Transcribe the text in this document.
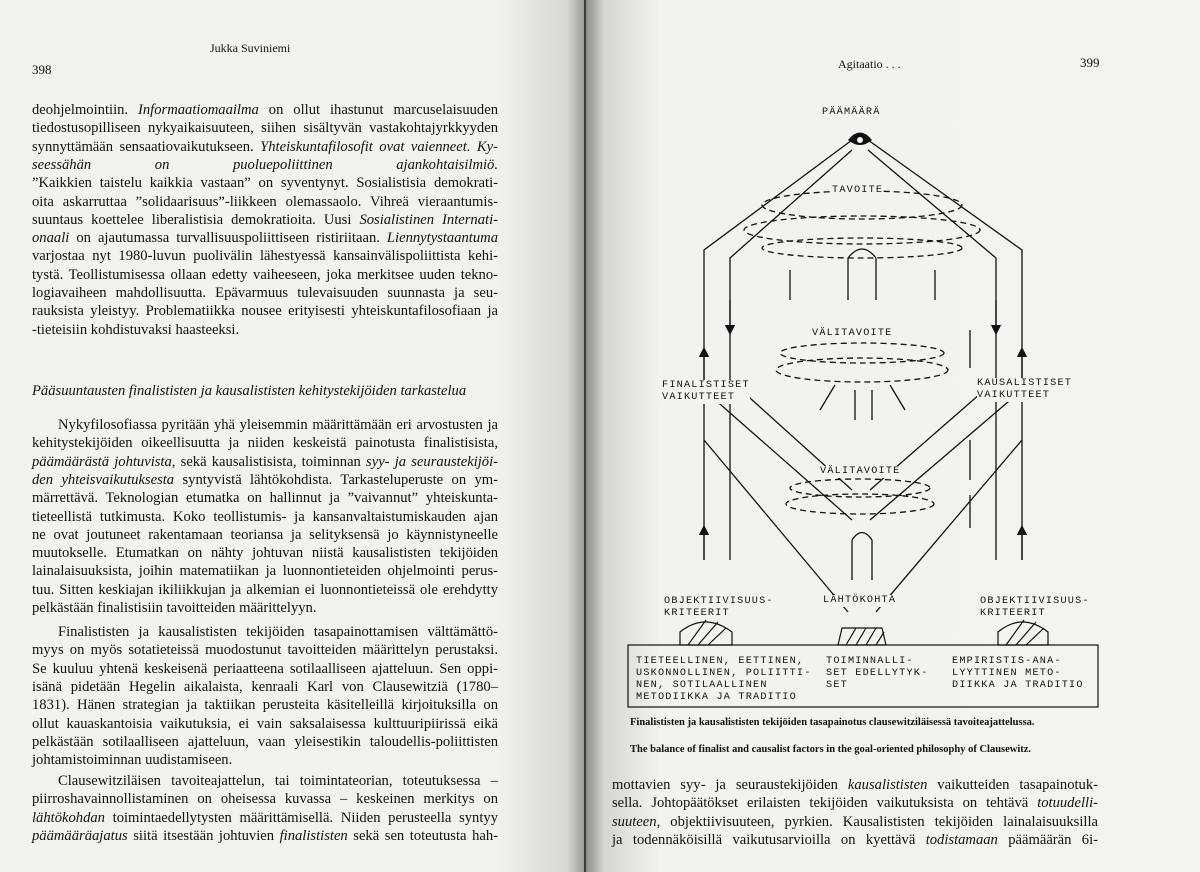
Jukka Suviniemi
398
deohjelmointiin. Informaatiomaailma on ollut ihastunut marcuselaisuuden
tiedostusopilliseen nykyaikaisuuteen, siihen sisältyvän vastakohtajyrkkyyden
synnyttämään sensaatiovaikutukseen. Yhteiskuntafilosofit ovat vaienneet. Ky-
seessähän on puoluepoliittinen ajankohtaisilmiö.
”Kaikkien taistelu kaikkia vastaan” on syventynyt. Sosialistisia demokrati-
oita askarruttaa ”solidaarisuus”-liikkeen olemassaolo. Vihreä vieraantumis-
suuntaus koettelee liberalistisia demokratioita. Uusi Sosialistinen Internati-
onaali on ajautumassa turvallisuuspoliittiseen ristiriitaan. Liennytystaantuma
varjostaa nyt 1980-luvun puolivälin lähestyessä kansainvälispoliittista kehi-
tystä. Teollistumisessa ollaan edetty vaiheeseen, joka merkitsee uuden tekno-
logiavaiheen mahdollisuutta. Epävarmuus tulevaisuuden suunnasta ja seu-
rauksista yleistyy. Problematiikka nousee erityisesti yhteiskuntafilosofiaan ja
-tieteisiin kohdistuvaksi haasteeksi.
Pääsuuntausten finalististen ja kausalististen kehitystekijöiden tarkastelua
Nykyfilosofiassa pyritään yhä yleisemmin määrittämään eri arvostusten ja
kehitystekijöiden oikeellisuutta ja niiden keskeistä painotusta finalistisista,
päämäärästä johtuvista, sekä kausalistisista, toiminnan syy- ja seuraustekijöi-
den yhteisvaikutuksesta syntyvistä lähtökohdista. Tarkasteluperuste on ym-
märrettävä. Teknologian etumatka on hallinnut ja ”vaivannut” yhteiskunta-
tieteellistä tutkimusta. Koko teollistumis- ja kansanvaltaistumiskauden ajan
ne ovat joutuneet rakentamaan teoriansa ja selityksensä jo käynnistyneelle
muutokselle. Etumatkan on nähty johtuvan niistä kausalististen tekijöiden
lainalaisuuksista, joihin matematiikan ja luonnontieteiden ohjelmointi perus-
tuu. Sitten keskiajan ikiliikkujan ja alkemian ei luonnontieteissä ole erehdytty
pelkästään finalistisiin tavoitteiden määrittelyyn.
Finalististen ja kausalististen tekijöiden tasapainottamisen välttämättö-
myys on myös sotatieteissä muodostunut tavoitteiden määrittelyn perustaksi.
Se kuuluu yhtenä keskeisenä periaatteena sotilaalliseen ajatteluun. Sen oppi-
isänä pidetään Hegelin aikalaista, kenraali Karl von Clausewitziä (1780–
1831). Hänen strategian ja taktiikan perusteita käsitelleillä kirjoituksilla on
ollut kauaskantoisia vaikutuksia, ei vain saksalaisessa kulttuuripiirissä eikä
pelkästään sotilaalliseen ajatteluun, vaan yleisestikin taloudellis-poliittisten
johtamistoiminnan uudistamiseen.
Clausewitziläisen tavoiteajattelun, tai toimintateorian, toteutuksessa –
piirroshavainnollistaminen on oheisessa kuvassa – keskeinen merkitys on
lähtökohdan toimintaedellytysten määrittämisellä. Niiden perusteella syntyy
päämääräajatus siitä itsestään johtuvien finalististen sekä sen toteutusta hah-
Agitaatio . . .	399
PÄÄMÄÄRÄ
TAVOITE
VÄLITAVOITE
VÄLITAVOITE
FINALISTISET
VAIKUTTEET
KAUSALISTISET
VAIKUTTEET
OBJEKTIIVISUUS-
KRITEERIT
OBJEKTIIVISUUS-
KRITEERIT
LÄHTÖKOHTA
TIETEELLINEN, EETTINEN,
USKONNOLLINEN, POLIITTI-
NEN, SOTILAALLINEN
METODIIKKA JA TRADITIO
TOIMINNALLI-
SET EDELLYTYK-
SET
EMPIRISTIS-ANA-
LYYTTINEN METO-
DIIKKA JA TRADITIO
Finalististen ja kausalististen tekijöiden tasapainotus clausewitziläisessä tavoiteajattelussa.
The balance of finalist and causalist factors in the goal-oriented philosophy of Clausewitz.
mottavien syy- ja seuraustekijöiden kausalististen vaikutteiden tasapainotuk-
sella. Johtopäätökset erilaisten tekijöiden vaikutuksista on tehtävä totuudelli-
suuteen, objektiivisuuteen, pyrkien. Kausalististen tekijöiden lainalaisuuksilla
ja todennäköisillä vaikutusarvioilla on kyettävä todistamaan päämäärän 6i-
